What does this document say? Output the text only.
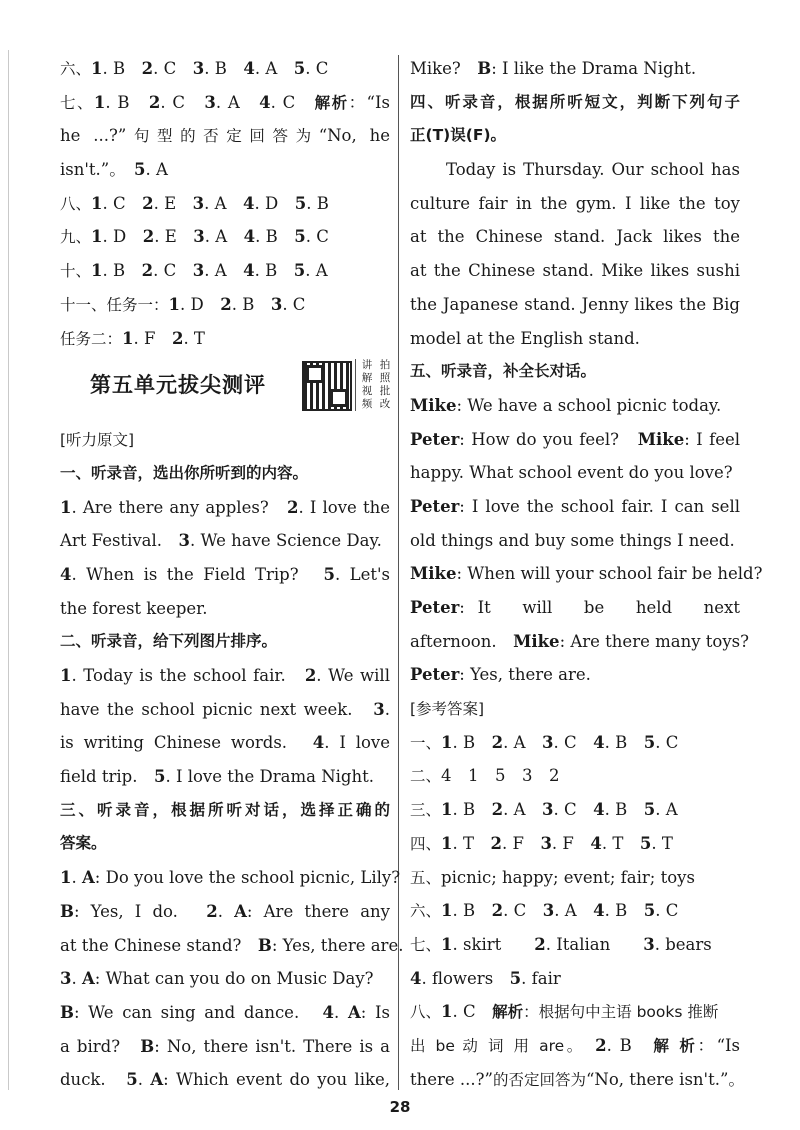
六、1. B　2. C　3. B　4. A　5. C
七、1. B　2. C　3. A　4. C　解析：“Is
he ...?”句型的否定回答为“No, he
isn't.”。　5. A
八、1. C　2. E　3. A　4. D　5. B
九、1. D　2. E　3. A　4. B　5. C
十、1. B　2. C　3. A　4. B　5. A
十一、任务一：1. D　2. B　3. C
任务二：1. F　2. T
第五单元拔尖测评
讲 拍
解 照
视 批
频 改
[听力原文]
一、听录音，选出你所听到的内容。
1. Are there any apples?　2. I love the
Art Festival.　3. We have Science Day.
4. When is the Field Trip?　5. Let's
the forest keeper.
二、听录音，给下列图片排序。
1. Today is the school fair.　2. We will
have the school picnic next week.　3.
is writing Chinese words.　4. I love
field trip.　5. I love the Drama Night.
三、听录音，根据所听对话，选择正确的
答案。
1. A: Do you love the school picnic, Lily?
B: Yes, I do.　2. A: Are there any
at the Chinese stand?　B: Yes, there are.
3. A: What can you do on Music Day?
B: We can sing and dance.　4. A: Is
a bird?　B: No, there isn't. There is a
duck.　5. A: Which event do you like,
Mike?　B: I like the Drama Night.
四、听录音，根据所听短文，判断下列句子
正(T)误(F)。
Today is Thursday. Our school has
culture fair in the gym. I like the toy
at the Chinese stand. Jack likes the
at the Chinese stand. Mike likes sushi
the Japanese stand. Jenny likes the Big
model at the English stand.
五、听录音，补全长对话。
Mike: We have a school picnic today.
Peter: How do you feel?　Mike: I feel
happy. What school event do you love?
Peter: I love the school fair. I can sell
old things and buy some things I need.
Mike: When will your school fair be held?
Peter: It　will　be　held　next　
afternoon.　Mike: Are there many toys?
Peter: Yes, there are.
[参考答案]
一、1. B　2. A　3. C　4. B　5. C
二、4　1　5　3　2
三、1. B　2. A　3. C　4. B　5. A
四、1. T　2. F　3. F　4. T　5. T
五、picnic; happy; event; fair; toys
六、1. B　2. C　3. A　4. B　5. C
七、1. skirt　　2. Italian　　3. bears
4. flowers　5. fair
八、1. C　解析：根据句中主语 books 推断
出 be 动 词 用 are。　2. B　解 析：“Is
there ...?”的否定回答为“No, there isn't.”。
28
